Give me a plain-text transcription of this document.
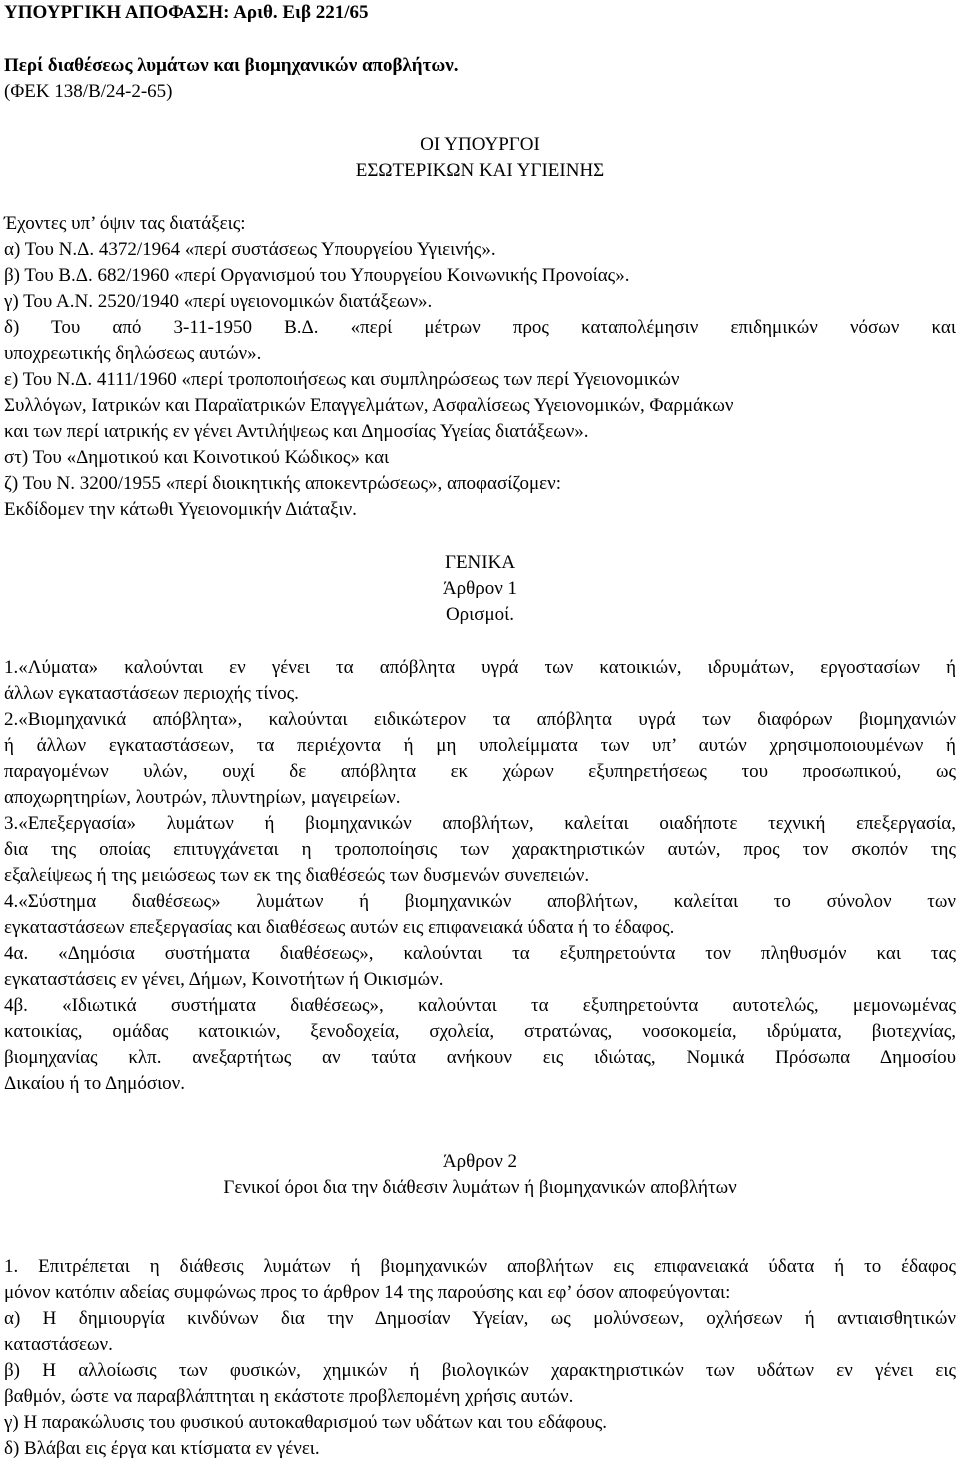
ΥΠΟΥΡΓΙΚΗ ΑΠΟΦΑΣΗ: Αριθ. Ειβ 221/65
Περί διαθέσεως λυμάτων και βιομηχανικών αποβλήτων.
(ΦΕΚ 138/Β/24-2-65)
ΟΙ ΥΠΟΥΡΓΟΙ
ΕΣΩΤΕΡΙΚΩΝ ΚΑΙ ΥΓΙΕΙΝΗΣ
Έχοντες υπ’ όψιν τας διατάξεις:
α) Του Ν.Δ. 4372/1964 «περί συστάσεως Υπουργείου Υγιεινής».
β) Του Β.Δ. 682/1960 «περί Οργανισμού του Υπουργείου Κοινωνικής Προνοίας».
γ) Του Α.Ν. 2520/1940 «περί υγειονομικών διατάξεων».
δ) Του από 3-11-1950 Β.Δ. «περί μέτρων προς καταπολέμησιν επιδημικών νόσων και
υποχρεωτικής δηλώσεως αυτών».
ε) Του Ν.Δ. 4111/1960 «περί τροποποιήσεως και συμπληρώσεως των περί Υγειονομικών
Συλλόγων, Ιατρικών και Παραϊατρικών Επαγγελμάτων, Ασφαλίσεως Υγειονομικών, Φαρμάκων
και των περί ιατρικής εν γένει Αντιλήψεως και Δημοσίας Υγείας διατάξεων».
στ) Του «Δημοτικού και Κοινοτικού Κώδικος» και
ζ) Του Ν. 3200/1955 «περί διοικητικής αποκεντρώσεως», αποφασίζομεν:
Εκδίδομεν την κάτωθι Υγειονομικήν Διάταξιν.
ΓΕΝΙΚΑ
Άρθρον 1
Ορισμοί.
1.«Λύματα» καλούνται εν γένει τα απόβλητα υγρά των κατοικιών, ιδρυμάτων, εργοστασίων ή
άλλων εγκαταστάσεων περιοχής τίνος.
2.«Βιομηχανικά απόβλητα», καλούνται ειδικώτερον τα απόβλητα υγρά των διαφόρων βιομηχανιών
ή άλλων εγκαταστάσεων, τα περιέχοντα ή μη υπολείμματα των υπ’ αυτών χρησιμοποιουμένων ή
παραγομένων υλών, ουχί δε απόβλητα εκ χώρων εξυπηρετήσεως του προσωπικού, ως
αποχωρητηρίων, λουτρών, πλυντηρίων, μαγειρείων.
3.«Επεξεργασία» λυμάτων ή βιομηχανικών αποβλήτων, καλείται οιαδήποτε τεχνική επεξεργασία,
δια της οποίας επιτυγχάνεται η τροποποίησις των χαρακτηριστικών αυτών, προς τον σκοπόν της
εξαλείψεως ή της μειώσεως των εκ της διαθέσεώς των δυσμενών συνεπειών.
4.«Σύστημα διαθέσεως» λυμάτων ή βιομηχανικών αποβλήτων, καλείται το σύνολον των
εγκαταστάσεων επεξεργασίας και διαθέσεως αυτών εις επιφανειακά ύδατα ή το έδαφος.
4α. «Δημόσια συστήματα διαθέσεως», καλούνται τα εξυπηρετούντα τον πληθυσμόν και τας
εγκαταστάσεις εν γένει, Δήμων, Κοινοτήτων ή Οικισμών.
4β. «Ιδιωτικά συστήματα διαθέσεως», καλούνται τα εξυπηρετούντα αυτοτελώς, μεμονωμένας
κατοικίας, ομάδας κατοικιών, ξενοδοχεία, σχολεία, στρατώνας, νοσοκομεία, ιδρύματα, βιοτεχνίας,
βιομηχανίας κλπ. ανεξαρτήτως αν ταύτα ανήκουν εις ιδιώτας, Νομικά Πρόσωπα Δημοσίου
Δικαίου ή το Δημόσιον.
Άρθρον 2
Γενικοί όροι δια την διάθεσιν λυμάτων ή βιομηχανικών αποβλήτων
1. Επιτρέπεται η διάθεσις λυμάτων ή βιομηχανικών αποβλήτων εις επιφανειακά ύδατα ή το έδαφος
μόνον κατόπιν αδείας συμφώνως προς το άρθρον 14 της παρούσης και εφ’ όσον αποφεύγονται:
α) Η δημιουργία κινδύνων δια την Δημοσίαν Υγείαν, ως μολύνσεων, οχλήσεων ή αντιαισθητικών
καταστάσεων.
β) Η αλλοίωσις των φυσικών, χημικών ή βιολογικών χαρακτηριστικών των υδάτων εν γένει εις
βαθμόν, ώστε να παραβλάπτηται η εκάστοτε προβλεπομένη χρήσις αυτών.
γ) Η παρακώλυσις του φυσικού αυτοκαθαρισμού των υδάτων και του εδάφους.
δ) Βλάβαι εις έργα και κτίσματα εν γένει.
